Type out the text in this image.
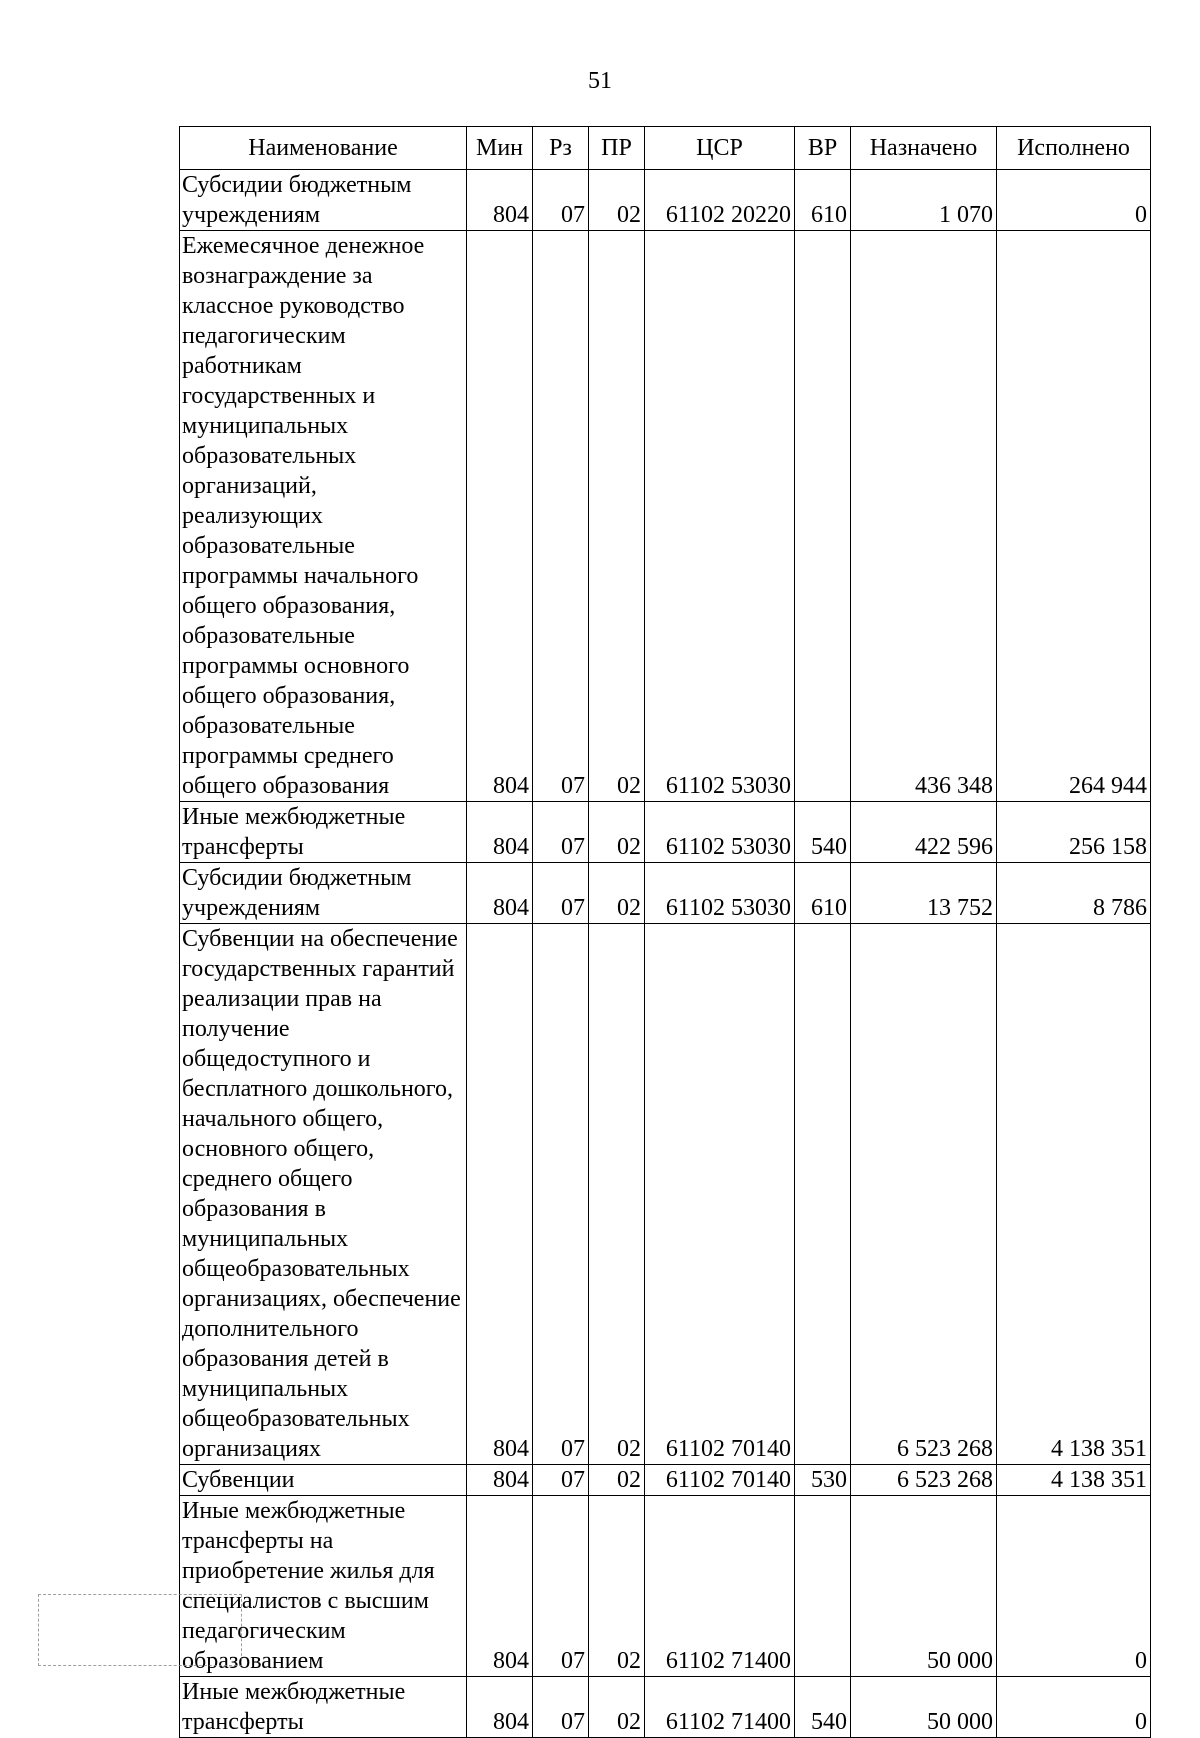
51
Наименование	Мин	Рз	ПР	ЦСР	ВР	Назначено	Исполнено
Субсидии бюджетным учреждениям	804	07	02	61102 20220	610	1 070	0
Ежемесячное денежное вознаграждение за классное руководство педагогическим работникам государственных и муниципальных образовательных организаций, реализующих образовательные программы начального общего образования, образовательные программы основного общего образования, образовательные программы среднего общего образования	804	07	02	61102 53030		436 348	264 944
Иные межбюджетные трансферты	804	07	02	61102 53030	540	422 596	256 158
Субсидии бюджетным учреждениям	804	07	02	61102 53030	610	13 752	8 786
Субвенции на обеспечение государственных гарантий реализации прав на получение общедоступного и бесплатного дошкольного, начального общего, основного общего, среднего общего образования в муниципальных общеобразовательных организациях, обеспечение дополнительного образования детей в муниципальных общеобразовательных организациях	804	07	02	61102 70140		6 523 268	4 138 351
Субвенции	804	07	02	61102 70140	530	6 523 268	4 138 351
Иные межбюджетные трансферты на приобретение жилья для специалистов с высшим педагогическим образованием	804	07	02	61102 71400		50 000	0
Иные межбюджетные трансферты	804	07	02	61102 71400	540	50 000	0
